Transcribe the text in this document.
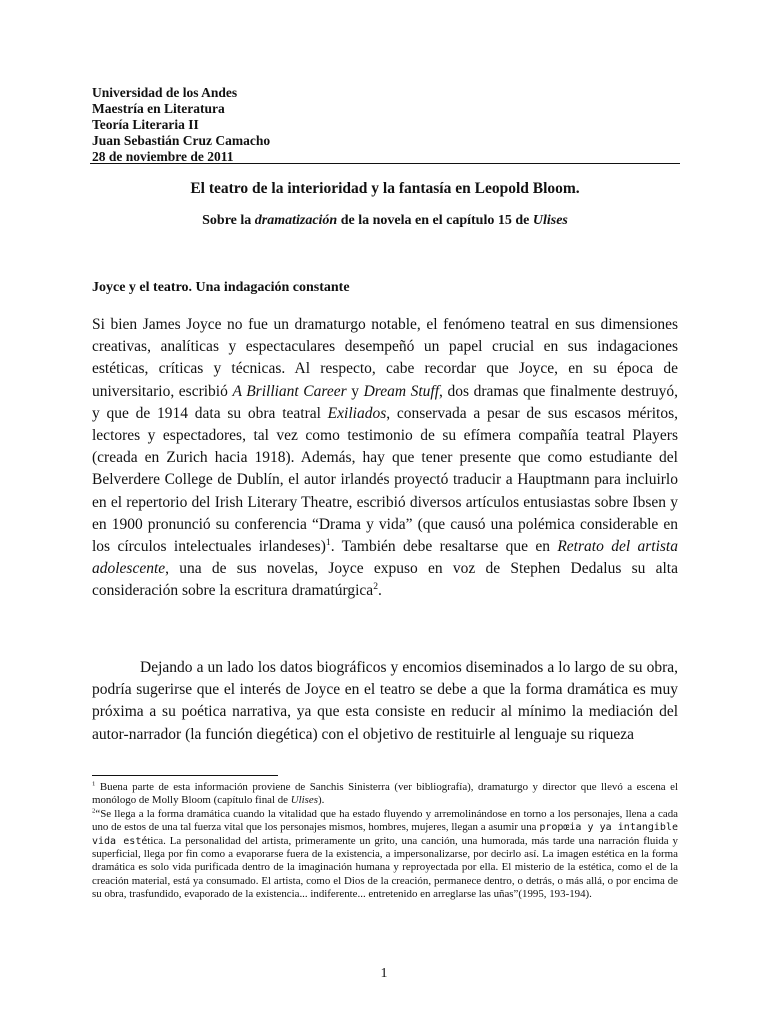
Universidad de los Andes
Maestría en Literatura
Teoría Literaria II
Juan Sebastián Cruz Camacho
28 de noviembre de 2011
El teatro de la interioridad y la fantasía en Leopold Bloom.
Sobre la dramatización de la novela en el capítulo 15 de Ulises
Joyce y el teatro. Una indagación constante

Si bien James Joyce no fue un dramaturgo notable, el fenómeno teatral en sus dimensiones creativas, analíticas y espectaculares desempeñó un papel crucial en sus indagaciones estéticas, críticas y técnicas. Al respecto, cabe recordar que Joyce, en su época de universitario, escribió A Brilliant Career y Dream Stuff, dos dramas que finalmente destruyó, y que de 1914 data su obra teatral Exiliados, conservada a pesar de sus escasos méritos, lectores y espectadores, tal vez como testimonio de su efímera compañía teatral Players (creada en Zurich hacia 1918). Además, hay que tener presente que como estudiante del Belverdere College de Dublín, el autor irlandés proyectó traducir a Hauptmann para incluirlo en el repertorio del Irish Literary Theatre, escribió diversos artículos entusiastas sobre Ibsen y en 1900 pronunció su conferencia “Drama y vida” (que causó una polémica considerable en los círculos intelectuales irlandeses)$^1$. También debe resaltarse que en Retrato del artista adolescente, una de sus novelas, Joyce expuso en voz de Stephen Dedalus su alta consideración sobre la escritura dramatúrgica$^2$.

Dejando a un lado los datos biográficos y encomios diseminados a lo largo de su obra, podría sugerirse que el interés de Joyce en el teatro se debe a que la forma dramática es muy próxima a su poética narrativa, ya que esta consiste en reducir al mínimo la mediación del autor-narrador (la función diegética) con el objetivo de restituirle al lenguaje su riqueza

$^1$ Buena parte de esta información proviene de Sanchis Sinisterra (ver bibliografía), dramaturgo y director que llevó a escena el monólogo de Molly Bloom (capítulo final de Ulises).

$^2$“Se llega a la forma dramática cuando la vitalidad que ha estado fluyendo y arremolinándose en torno a los personajes, llena a cada uno de estos de una tal fuerza vital que los personajes mismos, hombres, mujeres, llegan a asumir una propœia y ya intangible vida estética. La personalidad del artista, primeramente un grito, una canción, una humorada, más tarde una narración fluida y superficial, llega por fin como a evaporarse fuera de la existencia, a impersonalizarse, por decirlo así. La imagen estética en la forma dramática es solo vida purificada dentro de la imaginación humana y reproyectada por ella. El misterio de la estética, como el de la creación material, está ya consumado. El artista, como el Dios de la creación, permanece dentro, o detrás, o más allá, o por encima de su obra, trasfundido, evaporado de la existencia... indiferente... entretenido en arreglarse las uñas”(1995, 193-194).

1
